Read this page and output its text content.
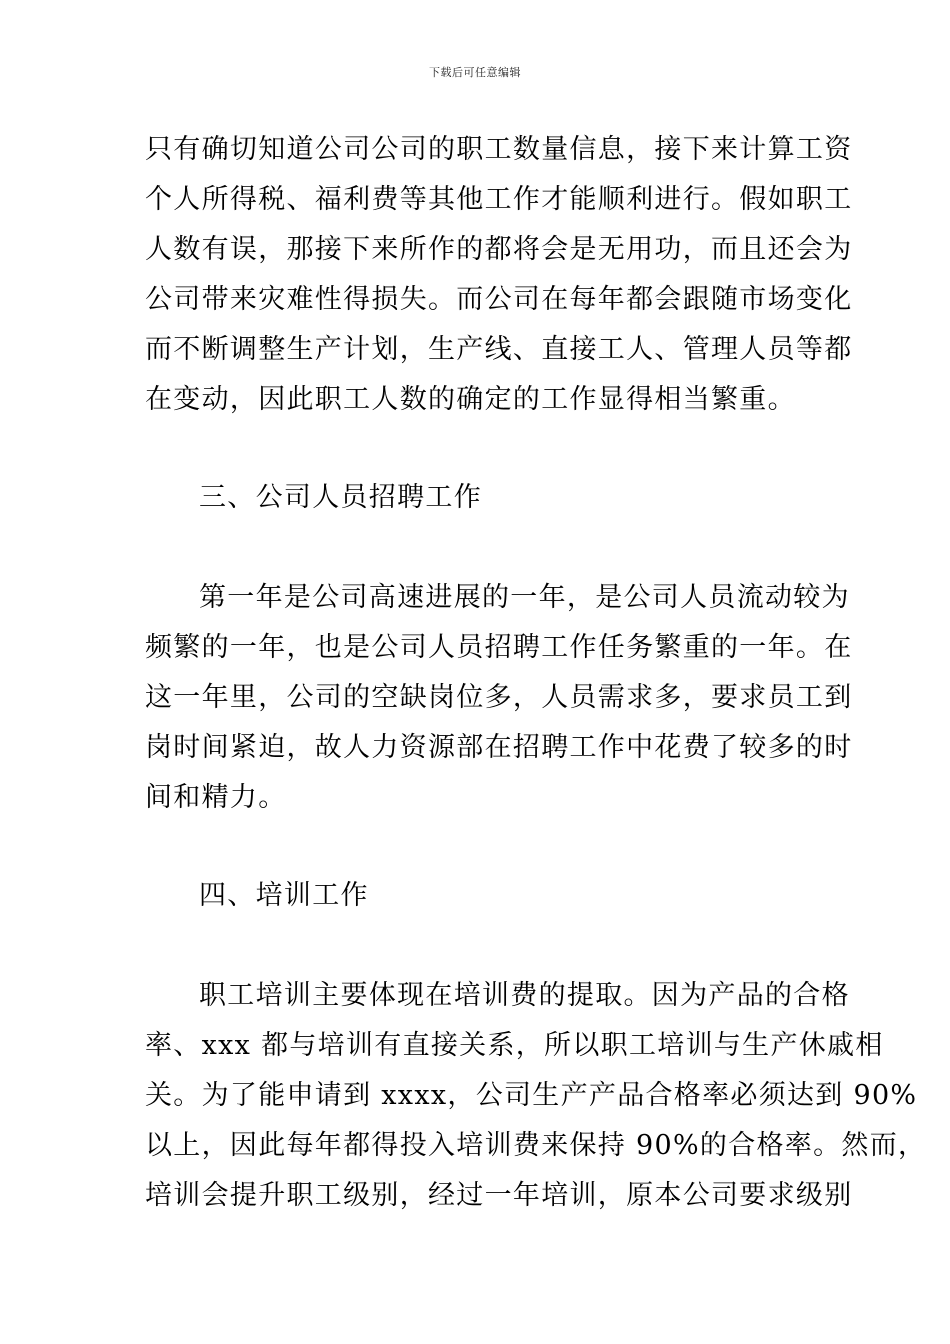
下载后可任意编辑
只有确切知道公司公司的职工数量信息，接下来计算工资
个人所得税、福利费等其他工作才能顺利进行。假如职工
人数有误，那接下来所作的都将会是无用功，而且还会为
公司带来灾难性得损失。而公司在每年都会跟随市场变化
而不断调整生产计划，生产线、直接工人、管理人员等都
在变动，因此职工人数的确定的工作显得相当繁重。
三、公司人员招聘工作
第一年是公司高速进展的一年，是公司人员流动较为
频繁的一年，也是公司人员招聘工作任务繁重的一年。在
这一年里，公司的空缺岗位多，人员需求多，要求员工到
岗时间紧迫，故人力资源部在招聘工作中花费了较多的时
间和精力。
四、培训工作
职工培训主要体现在培训费的提取。因为产品的合格
率、xxx 都与培训有直接关系，所以职工培训与生产休戚相
关。为了能申请到 xxxx，公司生产产品合格率必须达到 90%
以上，因此每年都得投入培训费来保持 90%的合格率。然而，
培训会提升职工级别，经过一年培训，原本公司要求级别
